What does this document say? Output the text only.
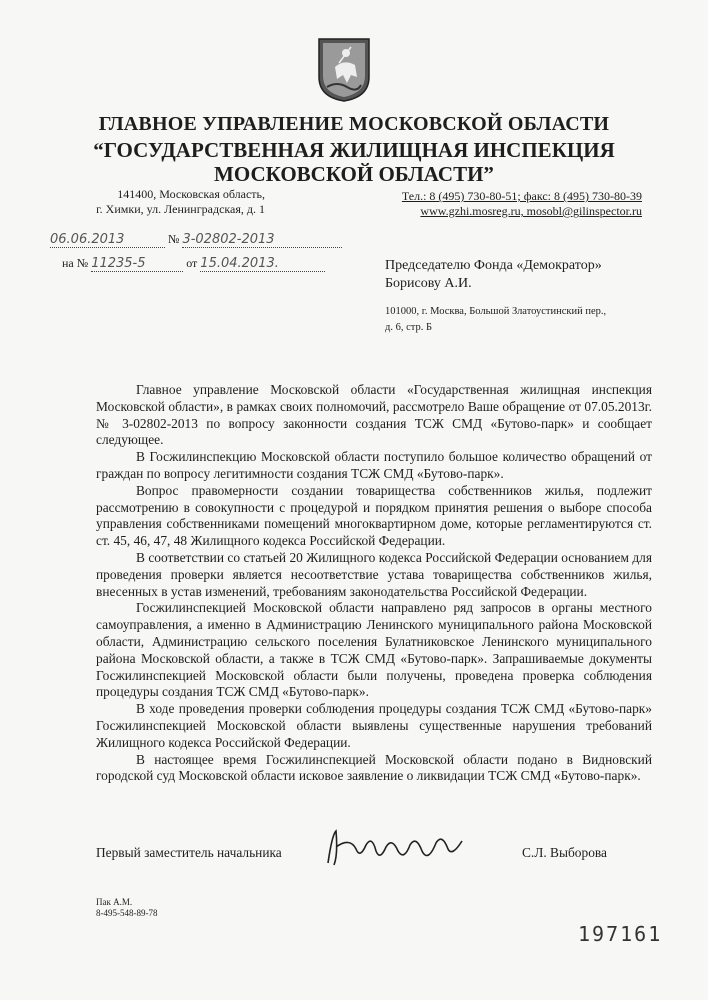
ГЛАВНОЕ УПРАВЛЕНИЕ МОСКОВСКОЙ ОБЛАСТИ
“ГОСУДАРСТВЕННАЯ ЖИЛИЩНАЯ ИНСПЕКЦИЯ
МОСКОВСКОЙ ОБЛАСТИ”
141400, Московская область,
г. Химки, ул. Ленинградская, д. 1
Тел.: 8 (495) 730-80-51; факс: 8 (495) 730-80-39
www.gzhi.mosreg.ru, mosobl@gilinspector.ru
06.06.2013	№ 3-02802-2013
на № 11235-5	от 15.04.2013.	Председателю Фонда «Демократор»
Борисову А.И.
101000, г. Москва, Большой Златоустинский пер.,
д. 6, стр. Б

Главное управление Московской области «Государственная жилищная инспекция Московской области», в рамках своих полномочий, рассмотрело Ваше обращение от 07.05.2013г. № 3-02802-2013 по вопросу законности создания ТСЖ СМД «Бутово-парк» и сообщает следующее.

В Госжилинспекцию Московской области поступило большое количество обращений от граждан по вопросу легитимности создания ТСЖ СМД «Бутово-парк».

Вопрос правомерности создании товарищества собственников жилья, подлежит рассмотрению в совокупности с процедурой и порядком принятия решения о выборе способа управления собственниками помещений многоквартирном доме, которые регламентируются ст. ст. 45, 46, 47, 48 Жилищного кодекса Российской Федерации.

В соответствии со статьей 20 Жилищного кодекса Российской Федерации основанием для проведения проверки является несоответствие устава товарищества собственников жилья, внесенных в устав изменений, требованиям законодательства Российской Федерации.

Госжилинспекцией Московской области направлено ряд запросов в органы местного самоуправления, а именно в Администрацию Ленинского муниципального района Московской области, Администрацию сельского поселения Булатниковское Ленинского муниципального района Московской области, а также в ТСЖ СМД «Бутово-парк». Запрашиваемые документы Госжилинспекцией Московской области были получены, проведена проверка соблюдения процедуры создания ТСЖ СМД «Бутово-парк».

В ходе проведения проверки соблюдения процедуры создания ТСЖ СМД «Бутово-парк» Госжилинспекцией Московской области выявлены существенные нарушения требований Жилищного кодекса Российской Федерации.

В настоящее время Госжилинспекцией Московской области подано в Видновский городской суд Московской области исковое заявление о ликвидации ТСЖ СМД «Бутово-парк».

Первый заместитель начальника	С.Л. Выборова
Пак А.М.
8-495-548-89-78
197161
